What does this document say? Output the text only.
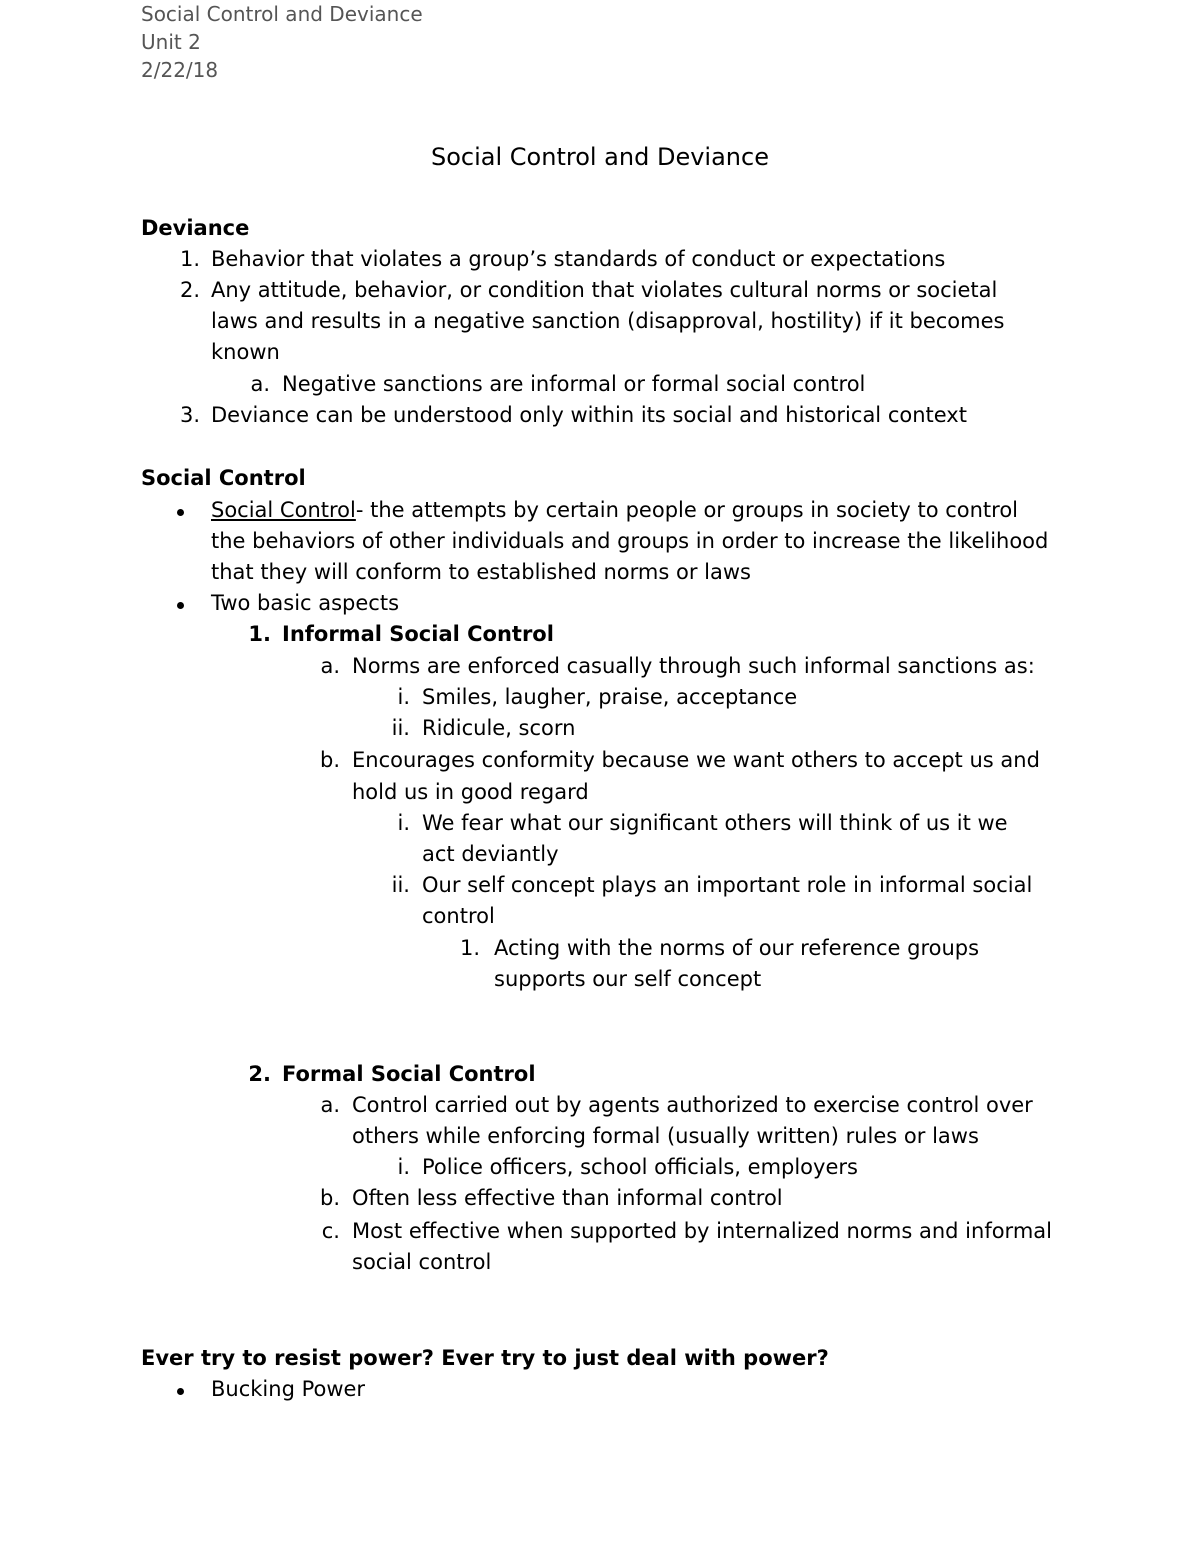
Social Control and Deviance
Unit 2
2/22/18
Social Control and Deviance
Deviance
1. Behavior that violates a group’s standards of conduct or expectations
2. Any attitude, behavior, or condition that violates cultural norms or societal
laws and results in a negative sanction (disapproval, hostility) if it becomes
known
a. Negative sanctions are informal or formal social control
3. Deviance can be understood only within its social and historical context
Social Control
Social Control- the attempts by certain people or groups in society to control
the behaviors of other individuals and groups in order to increase the likelihood
that they will conform to established norms or laws
Two basic aspects
1. Informal Social Control
a. Norms are enforced casually through such informal sanctions as:
i. Smiles, laugher, praise, acceptance
ii. Ridicule, scorn
b. Encourages conformity because we want others to accept us and
hold us in good regard
i. We fear what our significant others will think of us it we
act deviantly
ii. Our self concept plays an important role in informal social
control
1. Acting with the norms of our reference groups
supports our self concept
2. Formal Social Control
a. Control carried out by agents authorized to exercise control over
others while enforcing formal (usually written) rules or laws
i. Police officers, school officials, employers
b. Often less effective than informal control
c. Most effective when supported by internalized norms and informal
social control
Ever try to resist power? Ever try to just deal with power?
Bucking Power
